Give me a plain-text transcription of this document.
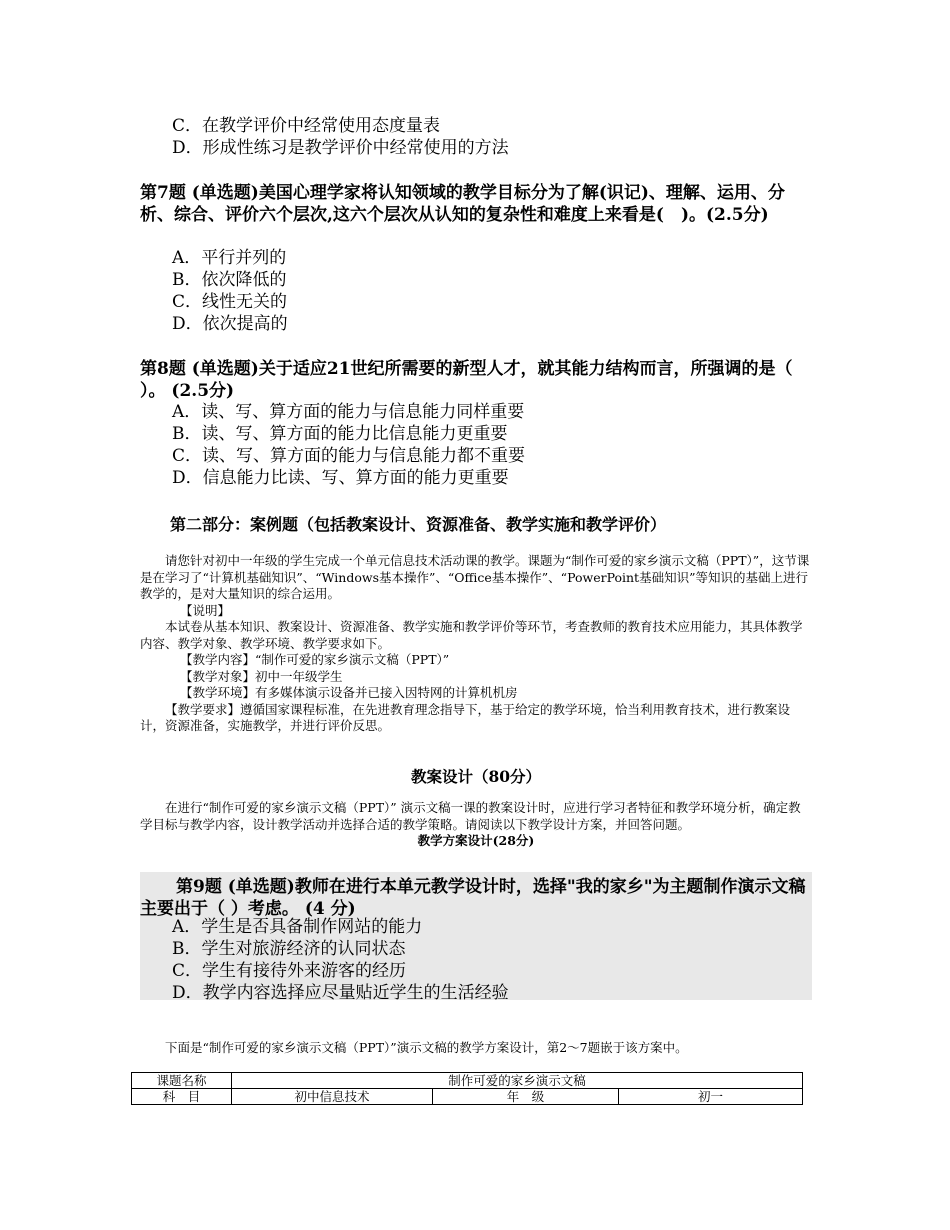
C．在教学评价中经常使用态度量表
D．形成性练习是教学评价中经常使用的方法
第7题 (单选题)美国心理学家将认知领域的教学目标分为了解(识记)、理解、运用、分析、综合、评价六个层次,这六个层次从认知的复杂性和难度上来看是(　)。(2.5分)
A．平行并列的
B．依次降低的
C．线性无关的
D．依次提高的
第8题 (单选题)关于适应21世纪所需要的新型人才，就其能力结构而言，所强调的是（ ）。 (2.5分)
A．读、写、算方面的能力与信息能力同样重要
B．读、写、算方面的能力比信息能力更重要
C．读、写、算方面的能力与信息能力都不重要
D．信息能力比读、写、算方面的能力更重要
第二部分：案例题（包括教案设计、资源准备、教学实施和教学评价）
请您针对初中一年级的学生完成一个单元信息技术活动课的教学。课题为“制作可爱的家乡演示文稿（PPT）”，这节课是在学习了“计算机基础知识”、“Windows基本操作”、“Office基本操作”、“PowerPoint基础知识”等知识的基础上进行教学的，是对大量知识的综合运用。
【说明】
本试卷从基本知识、教案设计、资源准备、教学实施和教学评价等环节，考查教师的教育技术应用能力，其具体教学内容、教学对象、教学环境、教学要求如下。
【教学内容】“制作可爱的家乡演示文稿（PPT）”
【教学对象】初中一年级学生
【教学环境】有多媒体演示设备并已接入因特网的计算机机房
【教学要求】遵循国家课程标准，在先进教育理念指导下，基于给定的教学环境，恰当利用教育技术，进行教案设计，资源准备，实施教学，并进行评价反思。
教案设计（80分）
在进行“制作可爱的家乡演示文稿（PPT）” 演示文稿一课的教案设计时，应进行学习者特征和教学环境分析，确定教学目标与教学内容，设计教学活动并选择合适的教学策略。请阅读以下教学设计方案，并回答问题。
教学方案设计(28分)
第9题 (单选题)教师在进行本单元教学设计时，选择"我的家乡"为主题制作演示文稿主要出于（ ）考虑。 (4 分)
A．学生是否具备制作网站的能力
B．学生对旅游经济的认同状态
C．学生有接待外来游客的经历
D．教学内容选择应尽量贴近学生的生活经验
下面是“制作可爱的家乡演示文稿（PPT）”演示文稿的教学方案设计，第2～7题嵌于该方案中。
课题名称	制作可爱的家乡演示文稿		
科　目	初中信息技术	年　级	初一
